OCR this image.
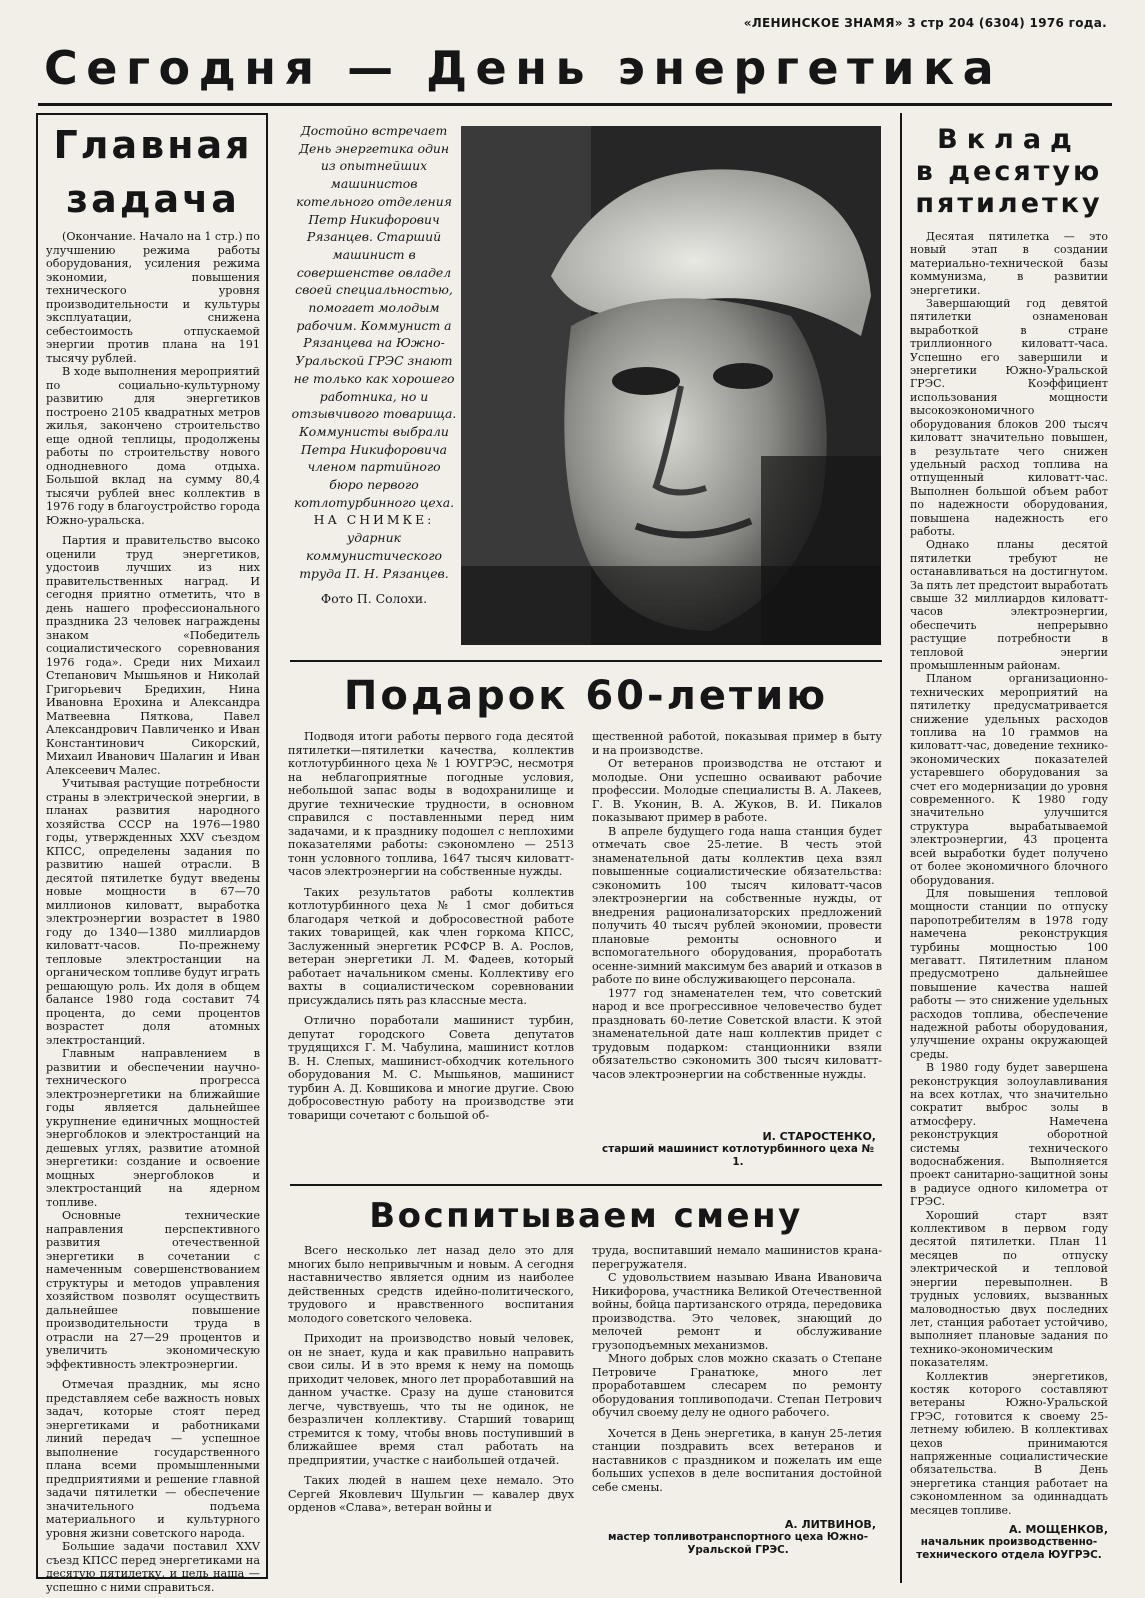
«ЛЕНИНСКОЕ ЗНАМЯ» 3 стр 204 (6304) 1976 года.
Сегодня — День энергетика
Главная
задача

(Окончание. Начало на 1 стр.) по улучшению режима работы оборудования, усиления режима экономии, повышения технического уровня производительности и культуры эксплуатации, снижена себестоимость отпускаемой энергии против плана на 191 тысячу рублей.

В ходе выполнения мероприятий по социально-культурному развитию для энергетиков построено 2105 квадратных метров жилья, закончено строительство еще одной теплицы, продолжены работы по строительству нового одноднeвного дома отдыха. Большой вклад на сумму 80,4 тысячи рублей внес коллектив в 1976 году в благоустройство города Южно-уральска.

Партия и правительство высоко оценили труд энергетиков, удостоив лучших из них правительственных наград. И сегодня приятно отметить, что в день нашего профессионального праздника 23 человек награждены знаком «Победитель социалистического соревнования 1976 года». Среди них Михаил Степанович Мышьянов и Николай Григорьевич Бредихин, Нина Ивановна Ерохина и Александра Матвеевна Пяткова, Павел Александрович Павличенко и Иван Константинович Сикорский, Михаил Иванович Шалагин и Иван Алексеевич Малес.

Учитывая растущие потребности страны в электрической энергии, в планах развития народного хозяйства СССР на 1976—1980 годы, утвержденных XXV съездом КПСС, определены задания по развитию нашей отрасли. В десятой пятилетке будут введены новые мощности в 67—70 миллионов киловатт, выработка электроэнергии возрастет в 1980 году до 1340—1380 миллиардов киловатт-часов. По-прежнему тепловые электростанции на органическом топливе будут играть решающую роль. Их доля в общем балансе 1980 года составит 74 процента, до семи процентов возрастет доля атомных электростанций.

Главным направлением в развитии и обеспечении научно-технического прогресса электроэнергетики на ближайшие годы является дальнейшее укрупнение единичных мощностей энергоблоков и электростанций на дешевых углях, развитие атомной энергетики: создание и освоение мощных энергоблоков и электростанций на ядерном топливе.

Основные технические направления перспективного развития отечественной энергетики в сочетании с намеченным совершенствованием структуры и методов управления хозяйством позволят осуществить дальнейшее повышение производительности труда в отрасли на 27—29 процентов и увеличить экономическую эффективность электроэнергии.

Отмечая праздник, мы ясно представляем себе важность новых задач, которые стоят перед энергетиками и работниками линий передач — успешное выполнение государственного плана всеми промышленными предприятиями и решение главной задачи пятилетки — обеспечение значительного подъема материального и культурного уровня жизни советского народа.

Большие задачи поставил XXV съезд КПСС перед энергетиками на десятую пятилетку, и цель наша — успешно с ними справиться.

Достойно встречает День энергетика один из опытнейших машинистов котельного отделения Петр Никифорович Рязанцев. Старший машинист в совершенстве овладел своей специальностью, помогает молодым рабочим. Коммунист а Рязанцева на Южно-Уральской ГРЭС знают не только как хорошего работника, но и отзывчивого товарища. Коммунисты выбрали Петра Никифоровича членом партийного бюро первого котлотурбинного цеха. НА СНИМКЕ: ударник коммунистического труда П. Н. Рязанцев.
Фото П. Солохи.
Подарок 60-летию

Подводя итоги работы первого года десятой пятилетки—пятилетки качества, коллектив котлотурбинного цеха № 1 ЮУГРЭС, несмотря на неблагоприятные погодные условия, небольшой запас воды в водохранилище и другие технические трудности, в основном справился с поставленными перед ним задачами, и к празднику подошел с неплохими показателями работы: сэкономлено — 2513 тонн условного топлива, 1647 тысяч киловатт-часов электроэнергии на собственные нужды.

Таких результатов работы коллектив котлотурбинного цеха № 1 смог добиться благодаря четкой и добросовестной работе таких товарищей, как член горкома КПСС, Заслуженный энергетик РСФСР В. А. Рослов, ветеран энергетики Л. М. Фадеев, который работает начальником смены. Коллективу его вахты в социалистическом соревновании присуждались пять раз классные места.

Отлично поработали машинист турбин, депутат городского Совета депутатов трудящихся Г. М. Чабулина, машинист котлов В. Н. Слепых, машинист-обходчик котельного оборудования М. С. Мышьянов, машинист турбин А. Д. Ковшикова и многие другие. Свою добросовестную работу на производстве эти товарищи сочетают с большой об-

щественной работой, показывая пример в быту и на производстве.

От ветеранов производства не отстают и молодые. Они успешно осваивают рабочие профессии. Молодые специалисты В. А. Лакеев, Г. В. Уконин, В. А. Жуков, В. И. Пикалов показывают пример в работе.

В апреле будущего года наша станция будет отмечать свое 25-летие. В честь этой знаменательной даты коллектив цеха взял повышенные социалистические обязательства: сэкономить 100 тысяч киловатт-часов электроэнергии на собственные нужды, от внедрения рационализаторских предложений получить 40 тысяч рублей экономии, провести плановые ремонты основного и вспомогательного оборудования, проработать осенне-зимний максимум без аварий и отказов в работе по вине обслуживающего персонала.

1977 год знаменателен тем, что советский народ и все прогрессивное человечество будет праздновать 60-летие Советской власти. К этой знаменательной дате наш коллектив придет с трудовым подарком: станционники взяли обязательство сэкономить 300 тысяч киловатт-часов электроэнергии на собственные нужды.

И. СТАРОСТЕНКО,
старший машинист котлотурбинного цеха № 1.
Воспитываем смену

Всего несколько лет назад дело это для многих было непривычным и новым. А сегодня наставничество является одним из наиболее действенных средств идейно-политического, трудового и нравственного воспитания молодого советского человека.

Приходит на производство новый человек, он не знает, куда и как правильно направить свои силы. И в это время к нему на помощь приходит человек, много лет проработавший на данном участке. Сразу на душе становится легче, чувствуешь, что ты не одинок, не безразличен коллективу. Старший товарищ стремится к тому, чтобы вновь поступивший в ближайшее время стал работать на предприятии, участке с наибольшей отдачей.

Таких людей в нашем цехе немало. Это Сергей Яковлевич Шульгин — кавалер двух орденов «Слава», ветеран войны и

труда, воспитавший немало машинистов крана-перегружателя.

С удовольствием называю Ивана Ивановича Никифорова, участника Великой Отечественной войны, бойца партизанского отряда, передовика производства. Это человек, знающий до мелочей ремонт и обслуживание грузоподъемных механизмов.

Много добрых слов можно сказать о Степане Петровиче Гранатюке, много лет проработавшем слесарем по ремонту оборудования топливоподачи. Степан Петрович обучил своему делу не одного рабочего.

Хочется в День энергетика, в канун 25-летия станции поздравить всех ветеранов и наставников с праздником и пожелать им еще больших успехов в деле воспитания достойной себе смены.

А. ЛИТВИНОВ,
мастер топливотранспортного цеха Южно-Уральской ГРЭС.
Вклад
в десятую
пятилетку

Десятая пятилетка — это новый этап в создании материально-технической базы коммунизма, в развитии энергетики.

Завершающий год девятой пятилетки ознаменован выработкой в стране триллионного киловатт-часа. Успешно его завершили и энергетики Южно-Уральской ГРЭС. Коэффициент использования мощности высокоэкономичного оборудования блоков 200 тысяч киловатт значительно повышен, в результате чего снижен удельный расход топлива на отпущенный киловатт-час. Выполнен большой объем работ по надежности оборудования, повышена надежность его работы.

Однако планы десятой пятилетки требуют не останавливаться на достигнутом. За пять лет предстоит выработать свыше 32 миллиардов киловатт-часов электроэнергии, обеспечить непрерывно растущие потребности в тепловой энергии промышленным районам.

Планом организационно-технических мероприятий на пятилетку предусматривается снижение удельных расходов топлива на 10 граммов на киловатт-час, доведение технико-экономических показателей устаревшего оборудования за счет его модернизации до уровня современного. К 1980 году значительно улучшится структура вырабатываемой электроэнергии, 43 процента всей выработки будет получено от более экономичного блочного оборудования.

Для повышения тепловой мощности станции по отпуску паропотребителям в 1978 году намечена реконструкция турбины мощностью 100 мегаватт. Пятилетним планом предусмотрено дальнейшее повышение качества нашей работы — это снижение удельных расходов топлива, обеспечение надежной работы оборудования, улучшение охраны окружающей среды.

В 1980 году будет завершена реконструкция золоулавливания на всех котлах, что значительно сократит выброс золы в атмосферу. Намечена реконструкция оборотной системы технического водоснабжения. Выполняется проект санитарно-защитной зоны в радиусе одного километра от ГРЭС.

Хороший старт взят коллективом в первом году десятой пятилетки. План 11 месяцев по отпуску электрической и тепловой энергии перевыполнен. В трудных условиях, вызванных маловодностью двух последних лет, станция работает устойчиво, выполняет плановые задания по технико-экономическим показателям.

Коллектив энергетиков, костяк которого составляют ветераны Южно-Уральской ГРЭС, готовится к своему 25-летнему юбилею. В коллективах цехов принимаются напряженные социалистические обязательства. В День энергетика станция работает на сэкономленном за одиннадцать месяцев топливе.

А. МОЩЕНКОВ,
начальник производственно-технического отдела ЮУГРЭС.
